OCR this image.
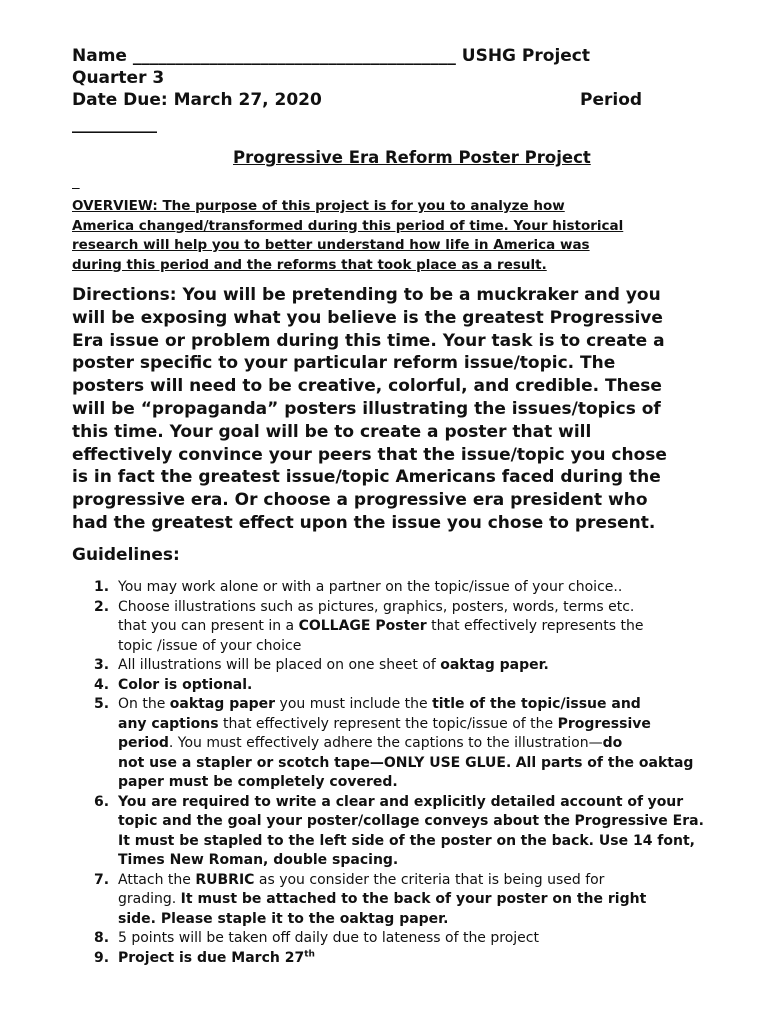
Name ______________________________________ USHG Project
Quarter 3
Date Due: March 27, 2020	Period
__________
Progressive Era Reform Poster Project

OVERVIEW: The purpose of this project is for you to analyze how
America changed/transformed during this period of time. Your historical
research will help you to better understand how life in America was
during this period and the reforms that took place as a result.
Directions: You will be pretending to be a muckraker and you
will be exposing what you believe is the greatest Progressive
Era issue or problem during this time. Your task is to create a
poster specific to your particular reform issue/topic. The
posters will need to be creative, colorful, and credible. These
will be “propaganda” posters illustrating the issues/topics of
this time. Your goal will be to create a poster that will
effectively convince your peers that the issue/topic you chose
is in fact the greatest issue/topic Americans faced during the
progressive era. Or choose a progressive era president who
had the greatest effect upon the issue you chose to present.
Guidelines:
1. You may work alone or with a partner on the topic/issue of your choice..
2. Choose illustrations such as pictures, graphics, posters, words, terms etc.
that you can present in a COLLAGE Poster that effectively represents the
topic /issue of your choice
3. All illustrations will be placed on one sheet of oaktag paper.
4. Color is optional.
5. On the oaktag paper you must include the title of the topic/issue and
any captions that effectively represent the topic/issue of the Progressive
period. You must effectively adhere the captions to the illustration—do
not use a stapler or scotch tape—ONLY USE GLUE. All parts of the oaktag paper must be completely covered.
6. You are required to write a clear and explicitly detailed account of your topic and the goal your poster/collage conveys about the Progressive Era. It must be stapled to the left side of the poster on the back. Use 14 font, Times New Roman, double spacing.
7. Attach the RUBRIC as you consider the criteria that is being used for
grading. It must be attached to the back of your poster on the right
side. Please staple it to the oaktag paper.
8. 5 points will be taken off daily due to lateness of the project
9. Project is due March 27th
